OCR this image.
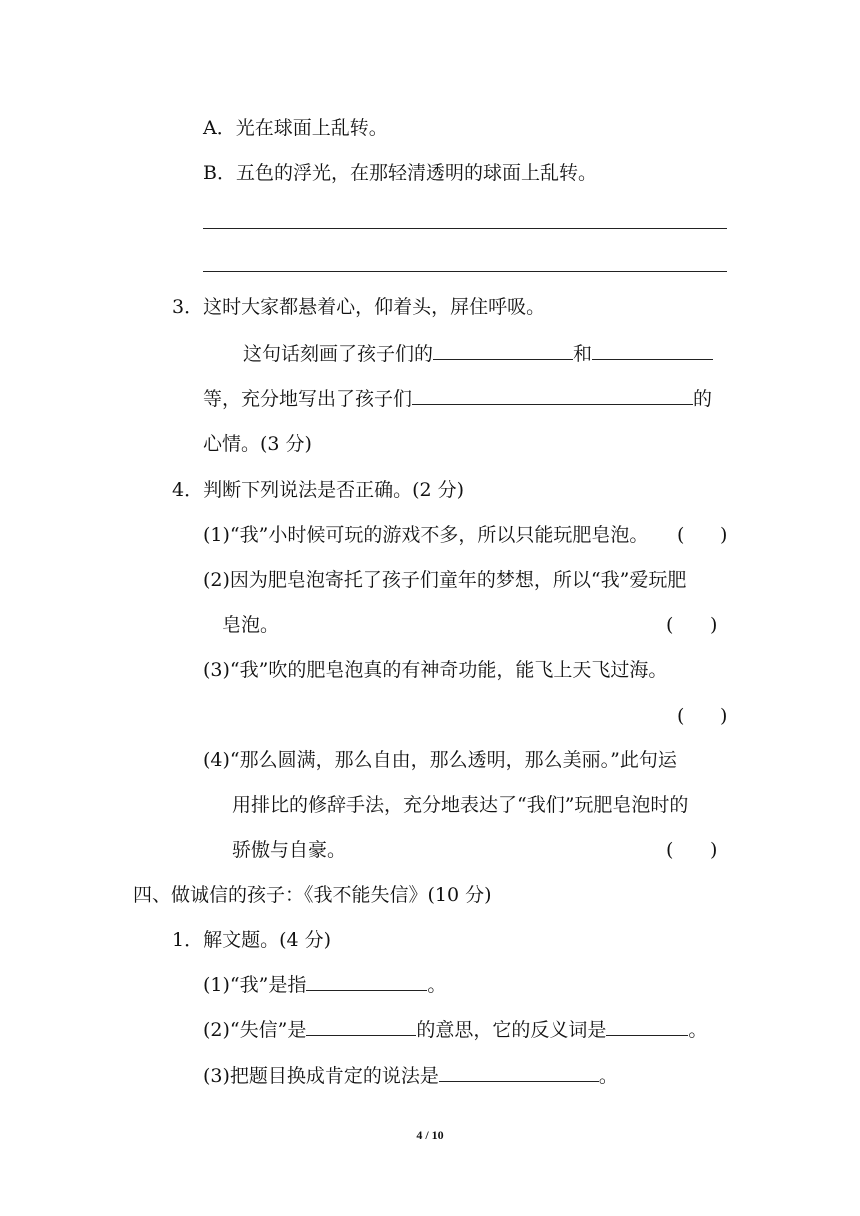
A．光在球面上乱转。
B．五色的浮光，在那轻清透明的球面上乱转。
3．这时大家都悬着心，仰着头，屏住呼吸。
这句话刻画了孩子们的	和
等，充分地写出了孩子们	的
心情。(3 分)
4．判断下列说法是否正确。(2 分)
(1)“我”小时候可玩的游戏不多，所以只能玩肥皂泡。 ( )
(2)因为肥皂泡寄托了孩子们童年的梦想，所以“我”爱玩肥
皂泡。	( )
(3)“我”吹的肥皂泡真的有神奇功能，能飞上天飞过海。
( )
(4)“那么圆满，那么自由，那么透明，那么美丽。”此句运
用排比的修辞手法，充分地表达了“我们”玩肥皂泡时的
骄傲与自豪。	( )
四、做诚信的孩子：《我不能失信》(10 分)
1．解文题。(4 分)
(1)“我”是指	。
(2)“失信”是	的意思，它的反义词是	。
(3)把题目换成肯定的说法是	。
4 / 10
